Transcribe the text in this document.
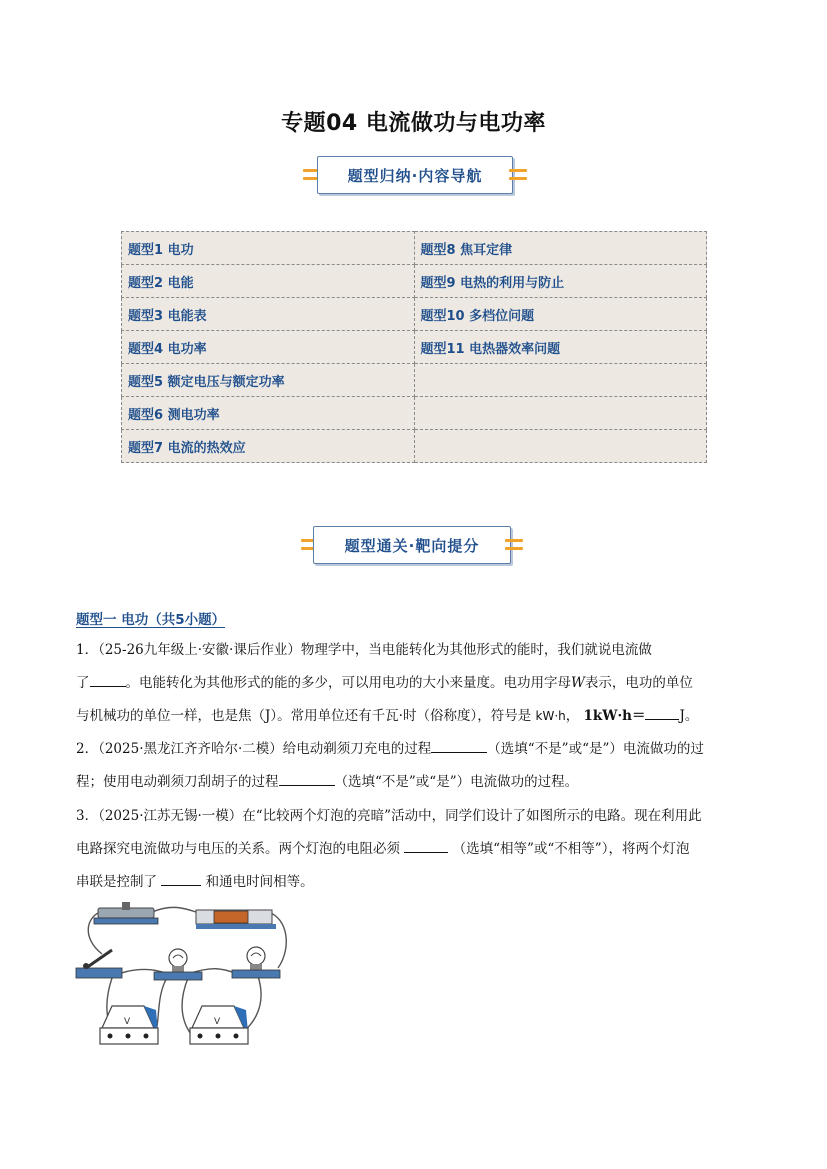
专题04 电流做功与电功率
题型归纳·内容导航
题型1 电功	题型8 焦耳定律
题型2 电能	题型9 电热的利用与防止
题型3 电能表	题型10 多档位问题
题型4 电功率	题型11 电热器效率问题
题型5 额定电压与额定功率	
题型6 测电功率	
题型7 电流的热效应	
题型通关·靶向提分
题型一 电功（共5小题）
1．（25-26九年级上·安徽·课后作业）物理学中，当电能转化为其他形式的能时，我们就说电流做
了	。电能转化为其他形式的能的多少，可以用电功的大小来量度。电功用字母W表示，电功的单位
与机械功的单位一样，也是焦（J）。常用单位还有千瓦·时（俗称度），符号是 kW·h， 1kW·h＝	J。
2．（2025·黑龙江齐齐哈尔·二模）给电动剃须刀充电的过程	（选填“不是”或“是”）电流做功的过
程；使用电动剃须刀刮胡子的过程	（选填“不是”或“是”）电流做功的过程。
3．（2025·江苏无锡·一模）在“比较两个灯泡的亮暗”活动中，同学们设计了如图所示的电路。现在利用此
电路探究电流做功与电压的关系。两个灯泡的电阻必须	（选填“相等”或“不相等”），将两个灯泡
串联是控制了	和通电时间相等。
V	V
